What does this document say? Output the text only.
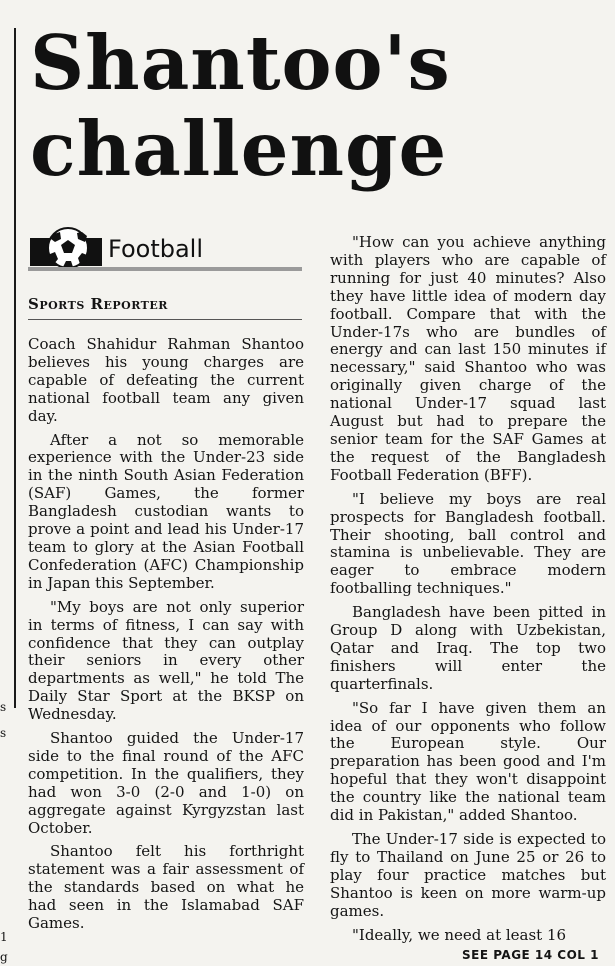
s
s
1
g
Shantoo's
challenge
Football
Sports Reporter

Coach Shahidur Rahman Shantoo believes his young charges are capable of defeating the current national football team any given day.

After a not so memorable experience with the Under-23 side in the ninth South Asian Federation (SAF) Games, the former Bangladesh custodian wants to prove a point and lead his Under-17 team to glory at the Asian Football Confederation (AFC) Championship in Japan this September.

"My boys are not only superior in terms of fitness, I can say with confidence that they can outplay their seniors in every other departments as well," he told The Daily Star Sport at the BKSP on Wednesday.

Shantoo guided the Under-17 side to the final round of the AFC competition. In the qualifiers, they had won 3-0 (2-0 and 1-0) on aggregate against Kyrgyzstan last October.

Shantoo felt his forthright statement was a fair assessment of the standards based on what he had seen in the Islamabad SAF Games.

"How can you achieve anything with players who are capable of running for just 40 minutes? Also they have little idea of modern day football. Compare that with the Under-17s who are bundles of energy and can last 150 minutes if necessary," said Shantoo who was originally given charge of the national Under-17 squad last August but had to prepare the senior team for the SAF Games at the request of the Bangladesh Football Federation (BFF).

"I believe my boys are real prospects for Bangladesh football. Their shooting, ball control and stamina is unbelievable. They are eager to embrace modern footballing techniques."

Bangladesh have been pitted in Group D along with Uzbekistan, Qatar and Iraq. The top two finishers will enter the quarterfinals.

"So far I have given them an idea of our opponents who follow the European style. Our preparation has been good and I'm hopeful that they won't disappoint the country like the national team did in Pakistan," added Shantoo.

The Under-17 side is expected to fly to Thailand on June 25 or 26 to play four practice matches but Shantoo is keen on more warm-up games.

"Ideally, we need at least 16

SEE PAGE 14 COL 1
